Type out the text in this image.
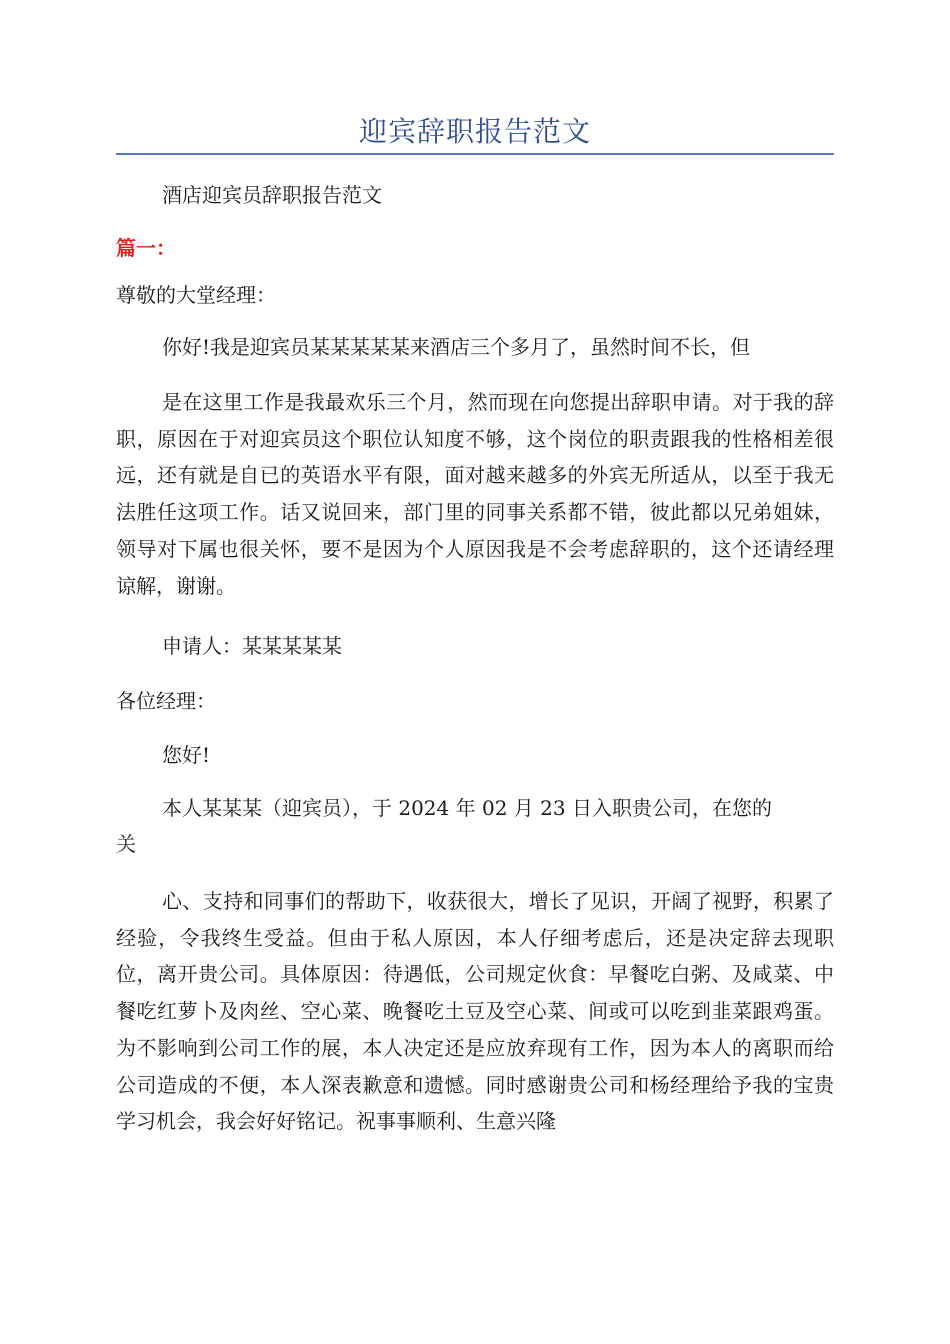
迎宾辞职报告范文

酒店迎宾员辞职报告范文

篇一：

尊敬的大堂经理：

你好!我是迎宾员某某某某某来酒店三个多月了，虽然时间不长，但

是在这里工作是我最欢乐三个月，然而现在向您提出辞职申请。对于我的辞职，原因在于对迎宾员这个职位认知度不够，这个岗位的职责跟我的性格相差很远，还有就是自已的英语水平有限，面对越来越多的外宾无所适从，以至于我无法胜任这项工作。话又说回来，部门里的同事关系都不错，彼此都以兄弟姐妹，领导对下属也很关怀，要不是因为个人原因我是不会考虑辞职的，这个还请经理谅解，谢谢。

申请人：某某某某某

各位经理：

您好!

本人某某某（迎宾员），于 2024 年 02 月 23 日入职贵公司，在您的

关

心、支持和同事们的帮助下，收获很大，增长了见识，开阔了视野，积累了经验，令我终生受益。但由于私人原因，本人仔细考虑后，还是决定辞去现职位，离开贵公司。具体原因：待遇低，公司规定伙食：早餐吃白粥、及咸菜、中餐吃红萝卜及肉丝、空心菜、晚餐吃土豆及空心菜、间或可以吃到韭菜跟鸡蛋。为不影响到公司工作的展，本人决定还是应放弃现有工作，因为本人的离职而给公司造成的不便，本人深表歉意和遗憾。同时感谢贵公司和杨经理给予我的宝贵学习机会，我会好好铭记。祝事事顺利、生意兴隆
